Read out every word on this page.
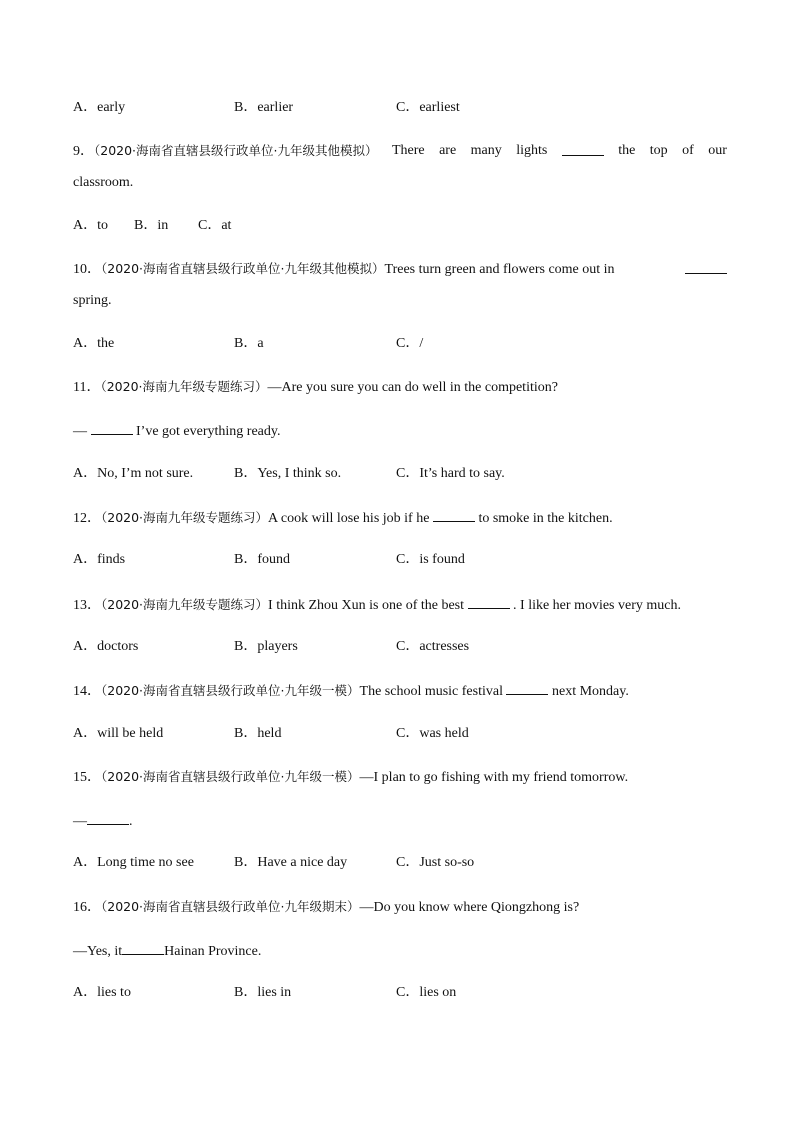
A．early	B．earlier	C．earliest
9．（2020·海南省直辖县级行政单位·九年级其他模拟） There are many lights	the top of our
classroom.
A．to B．in C．at
10．（2020·海南省直辖县级行政单位·九年级其他模拟）Trees turn green and flowers come out in
spring.
A．the	B．a	C．/
11．（2020·海南九年级专题练习）—Are you sure you can do well in the competition?
—	I’ve got everything ready.
A．No, I’m not sure.	B．Yes, I think so.	C．It’s hard to say.
12．（2020·海南九年级专题练习）A cook will lose his job if he	to smoke in the kitchen.
A．finds	B．found	C．is found
13．（2020·海南九年级专题练习）I think Zhou Xun is one of the best	. I like her movies very much.
A．doctors	B．players	C．actresses
14．（2020·海南省直辖县级行政单位·九年级一模）The school music festival	next Monday.
A．will be held	B．held	C．was held
15．（2020·海南省直辖县级行政单位·九年级一模）—I plan to go fishing with my friend tomorrow.
—	.
A．Long time no see	B．Have a nice day	C．Just so-so
16．（2020·海南省直辖县级行政单位·九年级期末）—Do you know where Qiongzhong is?
—Yes, it	Hainan Province.
A．lies to	B．lies in	C．lies on
